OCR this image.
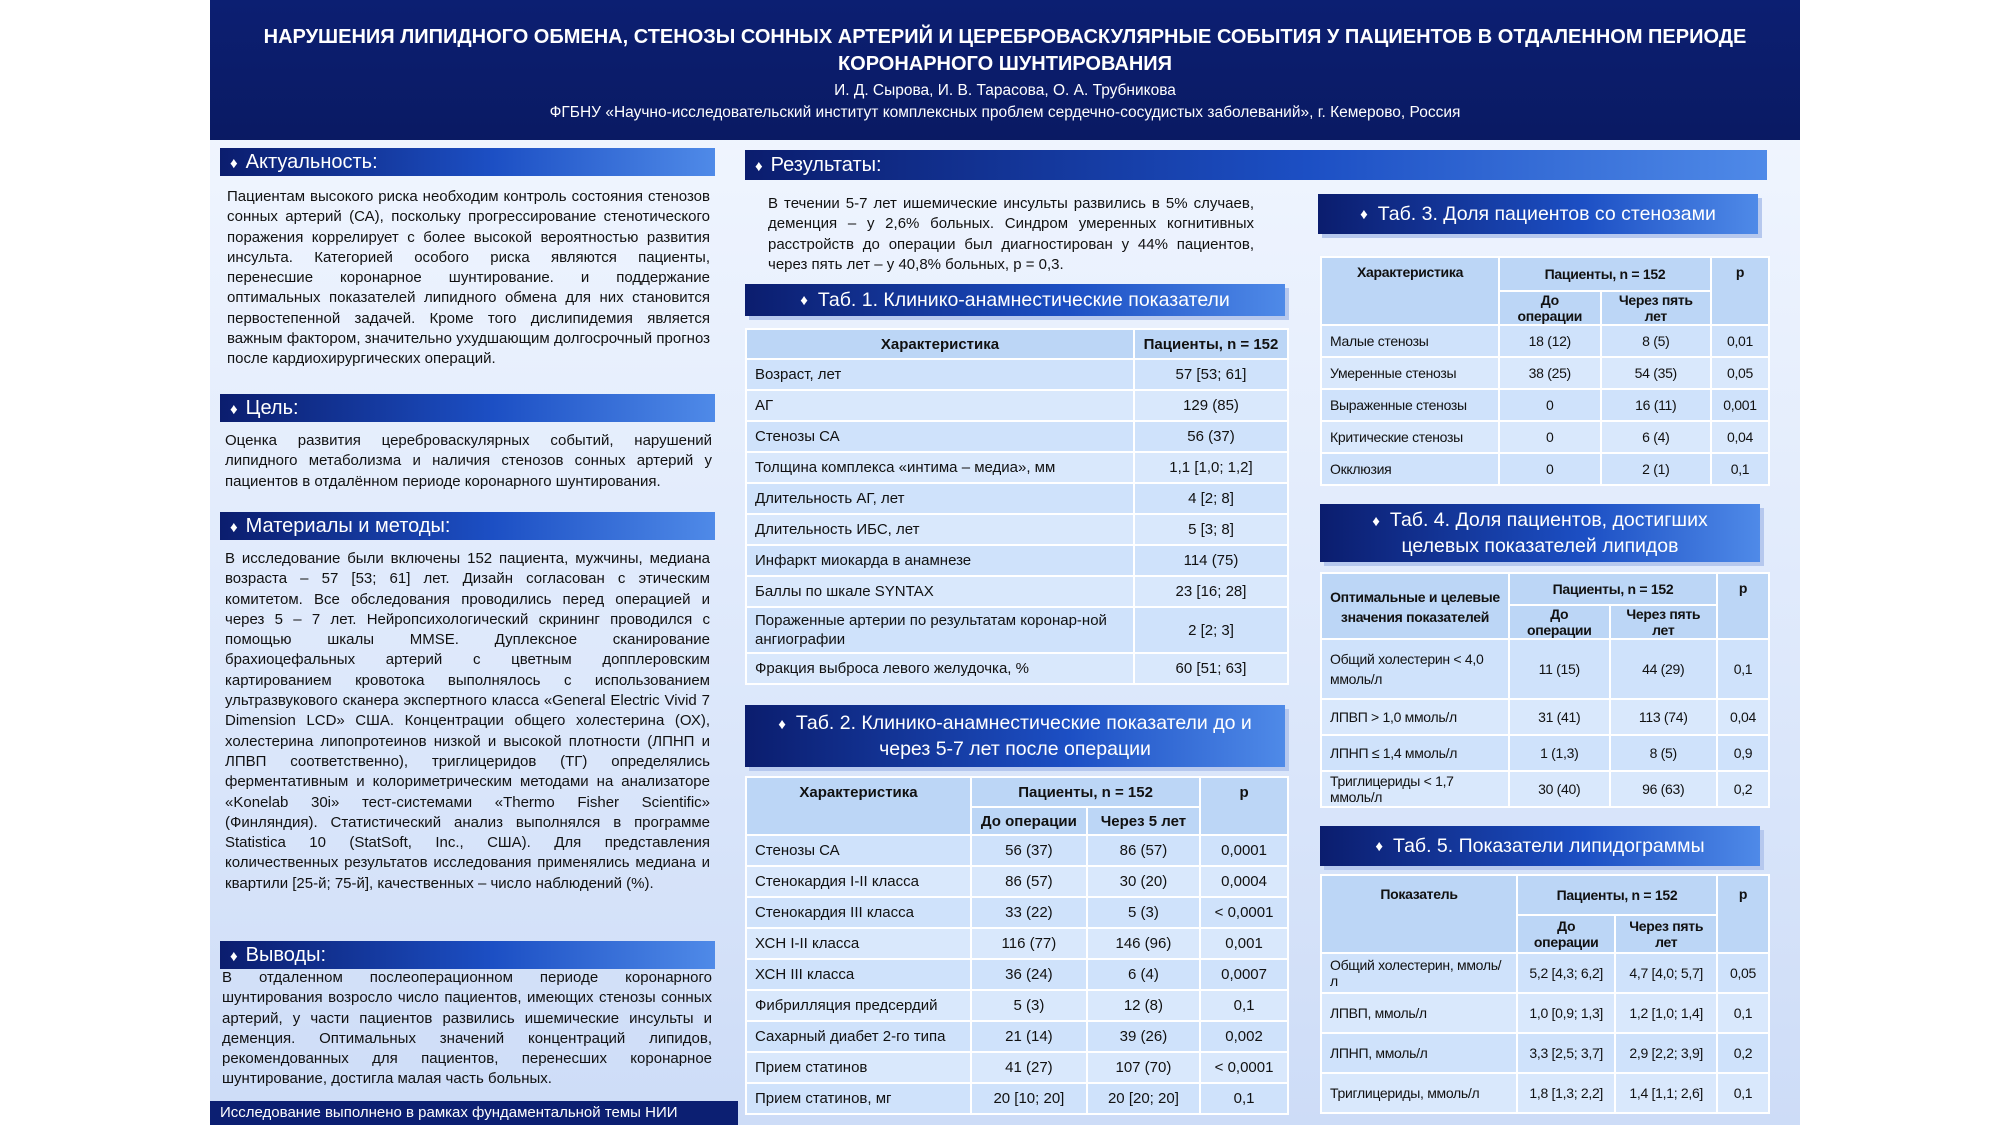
НАРУШЕНИЯ ЛИПИДНОГО ОБМЕНА, СТЕНОЗЫ СОННЫХ АРТЕРИЙ И ЦЕРЕБРОВАСКУЛЯРНЫЕ СОБЫТИЯ У ПАЦИЕНТОВ В ОТДАЛЕННОМ ПЕРИОДЕ КОРОНАРНОГО ШУНТИРОВАНИЯ
И. Д. Сырова, И. В. Тарасова, О. А. Трубникова
ФГБНУ «Научно-исследовательский институт комплексных проблем сердечно-сосудистых заболеваний», г. Кемерово, Россия
♦ Актуальность:
Пациентам высокого риска необходим контроль состояния стенозов сонных артерий (СА), поскольку прогрессирование стенотического поражения коррелирует с более высокой вероятностью развития инсульта. Категорией особого риска являются пациенты, перенесшие коронарное шунтирование. и поддержание оптимальных показателей липидного обмена для них становится первостепенной задачей. Кроме того дислипидемия является важным фактором, значительно ухудшающим долгосрочный прогноз после кардиохирургических операций.
♦ Цель:
Оценка развития цереброваскулярных событий, нарушений липидного метаболизма и наличия стенозов сонных артерий у пациентов в отдалённом периоде коронарного шунтирования.
♦ Материалы и методы:
В исследование были включены 152 пациента, мужчины, медиана возраста – 57 [53; 61] лет. Дизайн согласован с этическим комитетом. Все обследования проводились перед операцией и через 5 – 7 лет. Нейропсихологический скрининг проводился с помощью шкалы MMSE. Дуплексное сканирование брахиоцефальных артерий с цветным допплеровским картированием кровотока выполнялось с использованием ультразвукового сканера экспертного класса «General Electric Vivid 7 Dimension LCD» США. Концентрации общего холестерина (ОХ), холестерина липопротеинов низкой и высокой плотности (ЛПНП и ЛПВП соответственно), триглицеридов (ТГ) определялись ферментативным и колориметрическим методами на анализаторе «Konelab 30i» тест-системами «Thermo Fisher Scientific» (Финляндия). Статистический анализ выполнялся в программе Statistica 10 (StatSoft, Inc., США). Для представления количественных результатов исследования применялись медиана и квартили [25-й; 75-й], качественных – число наблюдений (%).
♦ Выводы:
В отдаленном послеоперационном периоде коронарного шунтирования возросло число пациентов, имеющих стенозы сонных артерий, у части пациентов развились ишемические инсульты и деменция. Оптимальных значений концентраций липидов, рекомендованных для пациентов, перенесших коронарное шунтирование, достигла малая часть больных.
Исследование выполнено в рамках фундаментальной темы НИИ
♦ Результаты:
В течении 5-7 лет ишемические инсульты развились в 5% случаев, деменция – у 2,6% больных. Синдром умеренных когнитивных расстройств до операции был диагностирован у 44% пациентов, через пять лет – у 40,8% больных, р = 0,3.
♦ Таб. 1. Клинико-анамнестические показатели
Характеристика	Пациенты, n = 152
Возраст, лет	57 [53; 61]
АГ	129 (85)
Стенозы СА	56 (37)
Толщина комплекса «интима – медиа», мм	1,1 [1,0; 1,2]
Длительность АГ, лет	4 [2; 8]
Длительность ИБС, лет	5 [3; 8]
Инфаркт миокарда в анамнезе	114 (75)
Баллы по шкале SYNTAX	23 [16; 28]
Пораженные артерии по результатам коронар-ной ангиографии	2 [2; 3]
Фракция выброса левого желудочка, %	60 [51; 63]
♦ Таб. 2. Клинико-анамнестические показатели до и через 5-7 лет после операции
Характеристика	Пациенты, n = 152		р
	До операции	Через 5 лет	
Стенозы СА	56 (37)	86 (57)	0,0001
Стенокардия I-II класса	86 (57)	30 (20)	0,0004
Стенокардия III класса	33 (22)	5 (3)	< 0,0001
ХСН I-II класса	116 (77)	146 (96)	0,001
ХСН III класса	36 (24)	6 (4)	0,0007
Фибрилляция предсердий	5 (3)	12 (8)	0,1
Сахарный диабет 2-го типа	21 (14)	39 (26)	0,002
Прием статинов	41 (27)	107 (70)	< 0,0001
Прием статинов, мг	20 [10; 20]	20 [20; 20]	0,1
♦ Таб. 3. Доля пациентов со стенозами
Характеристика	Пациенты, n = 152		р
	До операции	Через пять лет	
Малые стенозы	18 (12)	8 (5)	0,01
Умеренные стенозы	38 (25)	54 (35)	0,05
Выраженные стенозы	0	16 (11)	0,001
Критические стенозы	0	6 (4)	0,04
Окклюзия	0	2 (1)	0,1
♦ Таб. 4. Доля пациентов, достигших целевых показателей липидов
Оптимальные и целевые значения показателей	Пациенты, n = 152		р
	До операции	Через пять лет	
Общий холестерин < 4,0 ммоль/л	11 (15)	44 (29)	0,1
ЛПВП > 1,0 ммоль/л	31 (41)	113 (74)	0,04
ЛПНП ≤ 1,4 ммоль/л	1 (1,3)	8 (5)	0,9
Триглицериды < 1,7 ммоль/л	30 (40)	96 (63)	0,2
♦ Таб. 5. Показатели липидограммы
Показатель	Пациенты, n = 152		р
	До операции	Через пять лет	
Общий холестерин, ммоль/л	5,2 [4,3; 6,2]	4,7 [4,0; 5,7]	0,05
ЛПВП, ммоль/л	1,0 [0,9; 1,3]	1,2 [1,0; 1,4]	0,1
ЛПНП, ммоль/л	3,3 [2,5; 3,7]	2,9 [2,2; 3,9]	0,2
Триглицериды, ммоль/л	1,8 [1,3; 2,2]	1,4 [1,1; 2,6]	0,1
